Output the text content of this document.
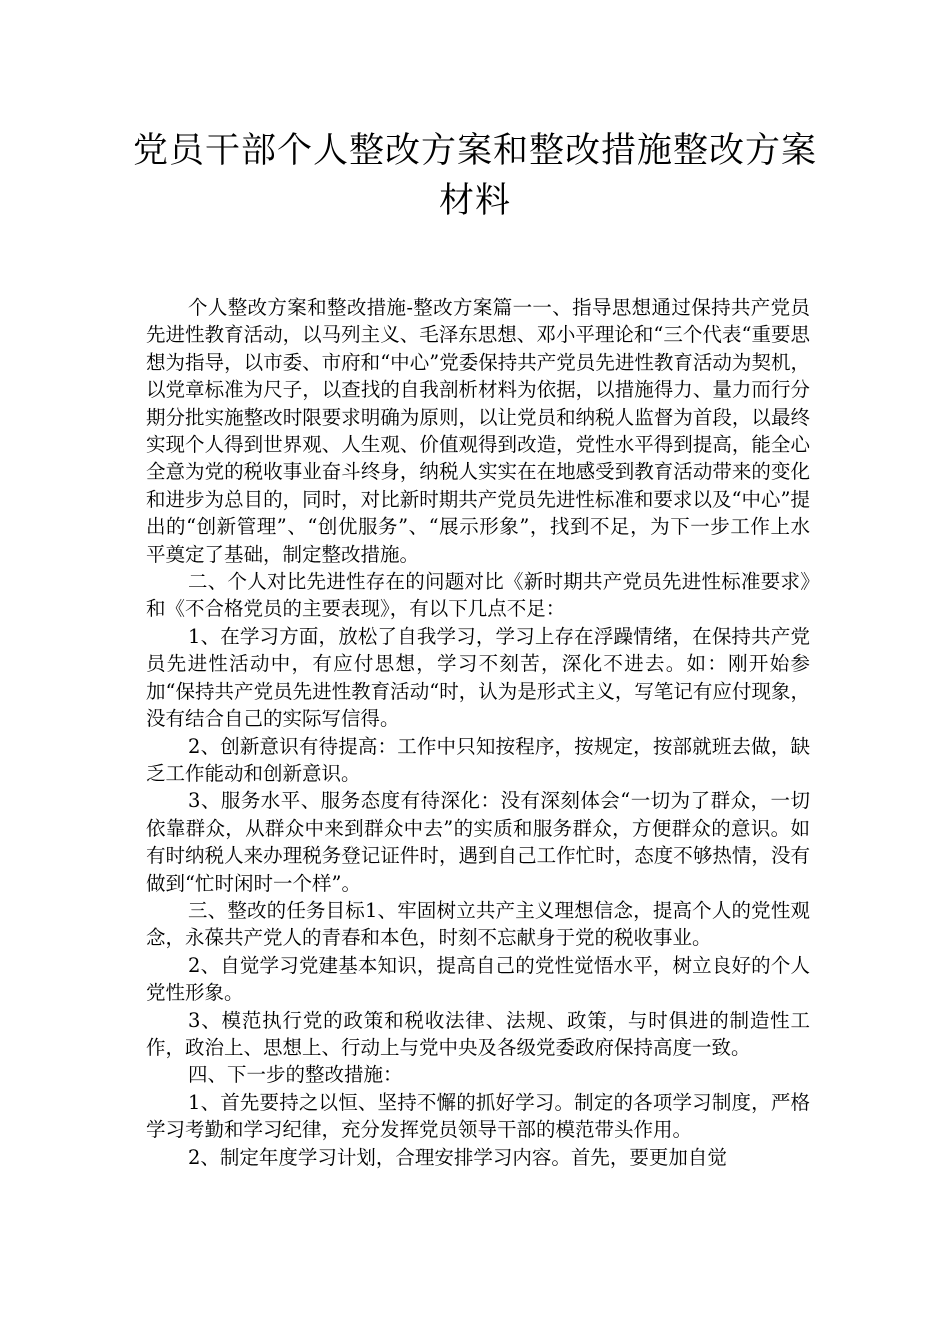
党员干部个人整改方案和整改措施整改方案材料

个人整改方案和整改措施-整改方案篇一一、指导思想通过保持共产党员先进性教育活动，以马列主义、毛泽东思想、邓小平理论和“三个代表“重要思想为指导，以市委、市府和“中心”党委保持共产党员先进性教育活动为契机，以党章标准为尺子，以查找的自我剖析材料为依据，以措施得力、量力而行分期分批实施整改时限要求明确为原则，以让党员和纳税人监督为首段，以最终实现个人得到世界观、人生观、价值观得到改造，党性水平得到提高，能全心全意为党的税收事业奋斗终身，纳税人实实在在地感受到教育活动带来的变化和进步为总目的，同时，对比新时期共产党员先进性标准和要求以及“中心”提出的“创新管理”、“创优服务”、“展示形象”，找到不足，为下一步工作上水平奠定了基础，制定整改措施。

二、个人对比先进性存在的问题对比《新时期共产党员先进性标准要求》和《不合格党员的主要表现》，有以下几点不足：

1、在学习方面，放松了自我学习，学习上存在浮躁情绪，在保持共产党员先进性活动中，有应付思想，学习不刻苦，深化不进去。如：刚开始参加“保持共产党员先进性教育活动“时，认为是形式主义，写笔记有应付现象，没有结合自己的实际写信得。

2、创新意识有待提高：工作中只知按程序，按规定，按部就班去做，缺乏工作能动和创新意识。

3、服务水平、服务态度有待深化：没有深刻体会“一切为了群众，一切依靠群众，从群众中来到群众中去”的实质和服务群众，方便群众的意识。如有时纳税人来办理税务登记证件时，遇到自己工作忙时，态度不够热情，没有做到“忙时闲时一个样”。

三、整改的任务目标1、牢固树立共产主义理想信念，提高个人的党性观念，永葆共产党人的青春和本色，时刻不忘献身于党的税收事业。

2、自觉学习党建基本知识，提高自己的党性觉悟水平，树立良好的个人党性形象。

3、模范执行党的政策和税收法律、法规、政策，与时俱进的制造性工作，政治上、思想上、行动上与党中央及各级党委政府保持高度一致。

四、下一步的整改措施：

1、首先要持之以恒、坚持不懈的抓好学习。制定的各项学习制度，严格学习考勤和学习纪律，充分发挥党员领导干部的模范带头作用。

2、制定年度学习计划，合理安排学习内容。首先，要更加自觉
